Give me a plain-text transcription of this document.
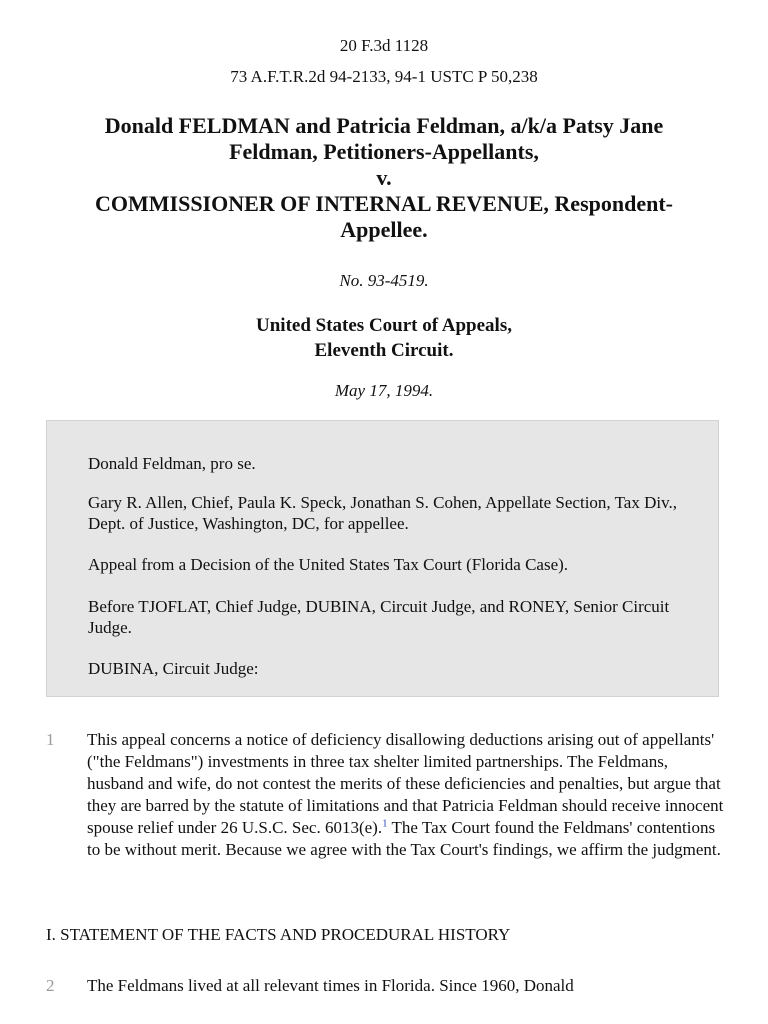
20 F.3d 1128
73 A.F.T.R.2d 94-2133, 94-1 USTC P 50,238
Donald FELDMAN and Patricia Feldman, a/k/a Patsy Jane
Feldman, Petitioners-Appellants,
v.
COMMISSIONER OF INTERNAL REVENUE, Respondent-
Appellee.
No. 93-4519.
United States Court of Appeals,
Eleventh Circuit.
May 17, 1994.

Donald Feldman, pro se.

Gary R. Allen, Chief, Paula K. Speck, Jonathan S. Cohen, Appellate Section, Tax Div., Dept. of Justice, Washington, DC, for appellee.

Appeal from a Decision of the United States Tax Court (Florida Case).

Before TJOFLAT, Chief Judge, DUBINA, Circuit Judge, and RONEY, Senior Circuit Judge.

DUBINA, Circuit Judge:

1 This appeal concerns a notice of deficiency disallowing deductions arising out of appellants' ("the Feldmans") investments in three tax shelter limited partnerships. The Feldmans, husband and wife, do not contest the merits of these deficiencies and penalties, but argue that they are barred by the statute of limitations and that Patricia Feldman should receive innocent spouse relief under 26 U.S.C. Sec. 6013(e).$^1$ The Tax Court found the Feldmans' contentions to be without merit. Because we agree with the Tax Court's findings, we affirm the judgment.

I. STATEMENT OF THE FACTS AND PROCEDURAL HISTORY
2 The Feldmans lived at all relevant times in Florida. Since 1960, Donald
